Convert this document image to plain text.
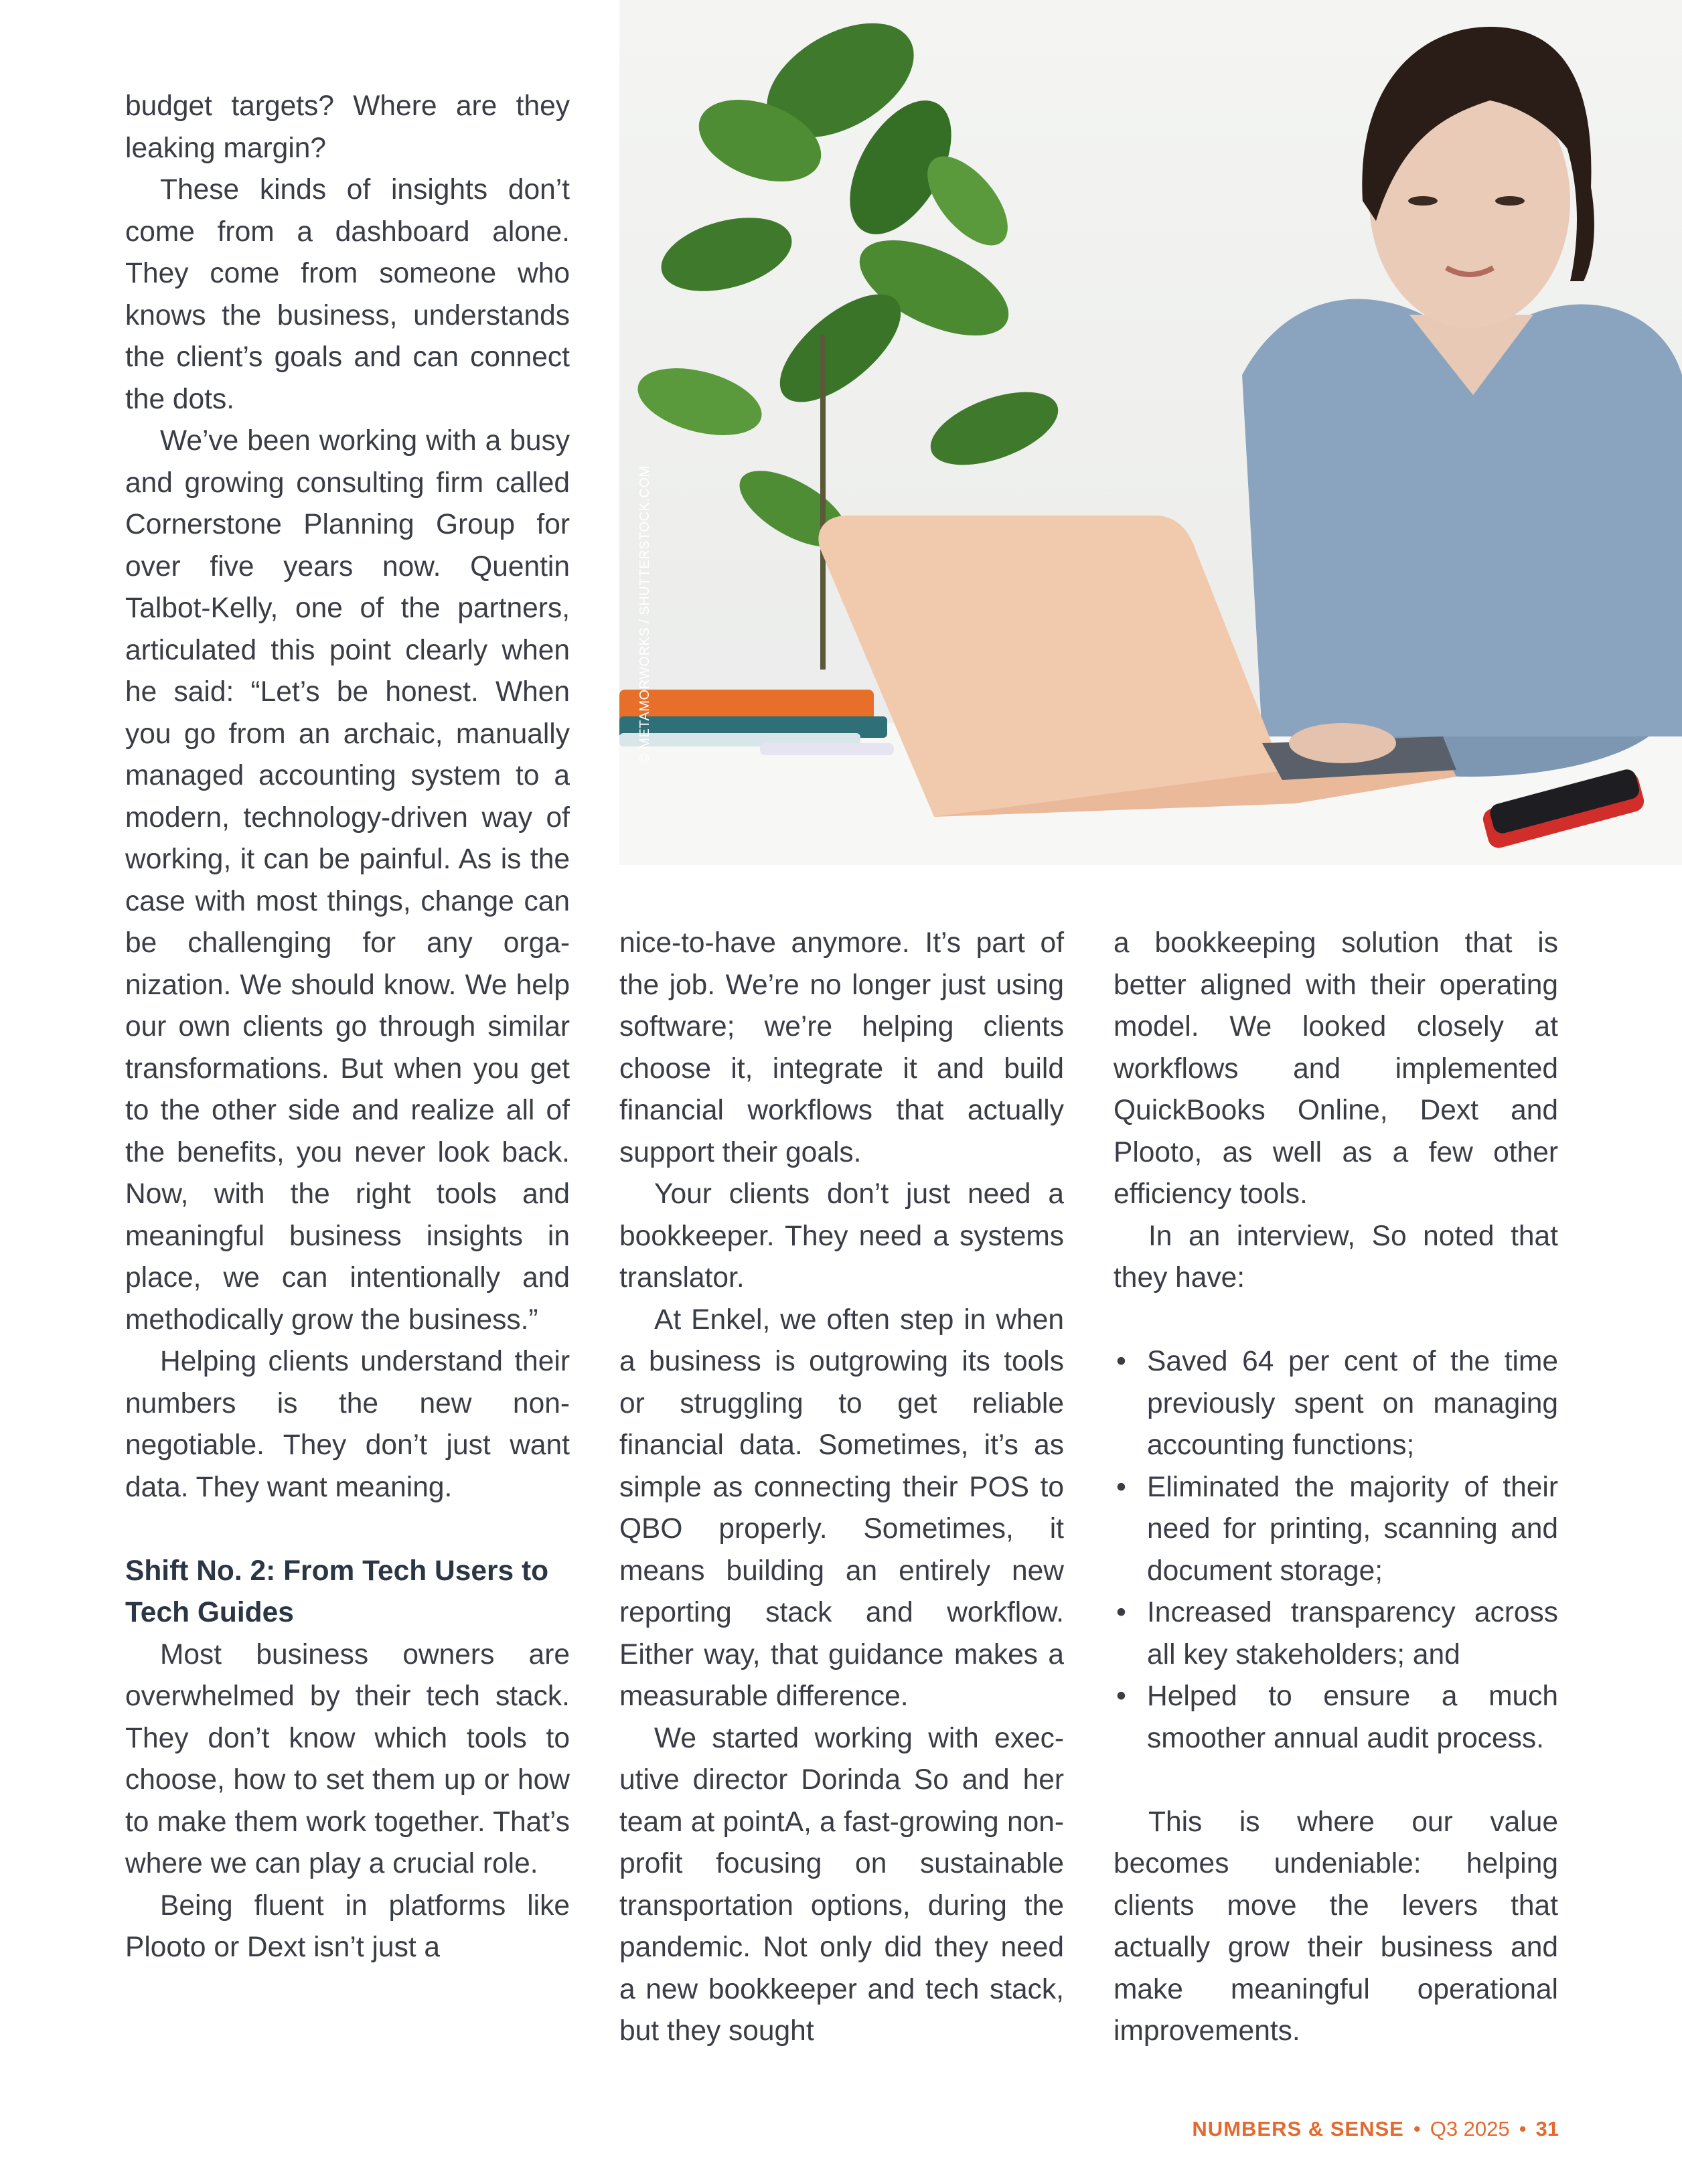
© METAMORWORKS / SHUTTERSTOCK.COM

budget targets? Where are they leaking margin?

These kinds of insights don’t come from a dashboard alone. They come from someone who knows the business, understands the client’s goals and can connect the dots.

We’ve been working with a busy and growing consulting firm called Cornerstone Planning Group for over five years now. Quentin Talbot-Kelly, one of the partners, articulated this point clearly when he said: “Let’s be honest. When you go from an archaic, manually managed accounting system to a modern, technology-driven way of working, it can be painful. As is the case with most things, change can be challenging for any organization. We should know. We help our own clients go through similar transformations. But when you get to the other side and realize all of the benefits, you never look back. Now, with the right tools and meaningful business insights in place, we can intentionally and methodically grow the business.”

Helping clients understand their numbers is the new non-negotiable. They don’t just want data. They want meaning.

Shift No. 2: From Tech Users to Tech Guides

Most business owners are overwhelmed by their tech stack. They don’t know which tools to choose, how to set them up or how to make them work together. That’s where we can play a crucial role.

Being fluent in platforms like Plooto or Dext isn’t just a

nice-to-have anymore. It’s part of the job. We’re no longer just using software; we’re helping clients choose it, integrate it and build financial workflows that actually support their goals.

Your clients don’t just need a bookkeeper. They need a systems translator.

At Enkel, we often step in when a business is outgrowing its tools or struggling to get reliable financial data. Sometimes, it’s as simple as connecting their POS to QBO properly. Sometimes, it means building an entirely new reporting stack and workflow. Either way, that guidance makes a measurable difference.

We started working with executive director Dorinda So and her team at pointA, a fast-growing non-profit focusing on sustainable transportation options, during the pandemic. Not only did they need a new bookkeeper and tech stack, but they sought

a bookkeeping solution that is better aligned with their operating model. We looked closely at workflows and implemented QuickBooks Online, Dext and Plooto, as well as a few other efficiency tools.

In an interview, So noted that they have:

• Saved 64 per cent of the time previously spent on managing accounting functions;
• Eliminated the majority of their need for printing, scanning and document storage;
• Increased transparency across all key stakeholders; and
• Helped to ensure a much smoother annual audit process.

This is where our value becomes undeniable: helping clients move the levers that actually grow their business and make meaningful operational improvements.

NUMBERS & SENSE • Q3 2025 • 31
